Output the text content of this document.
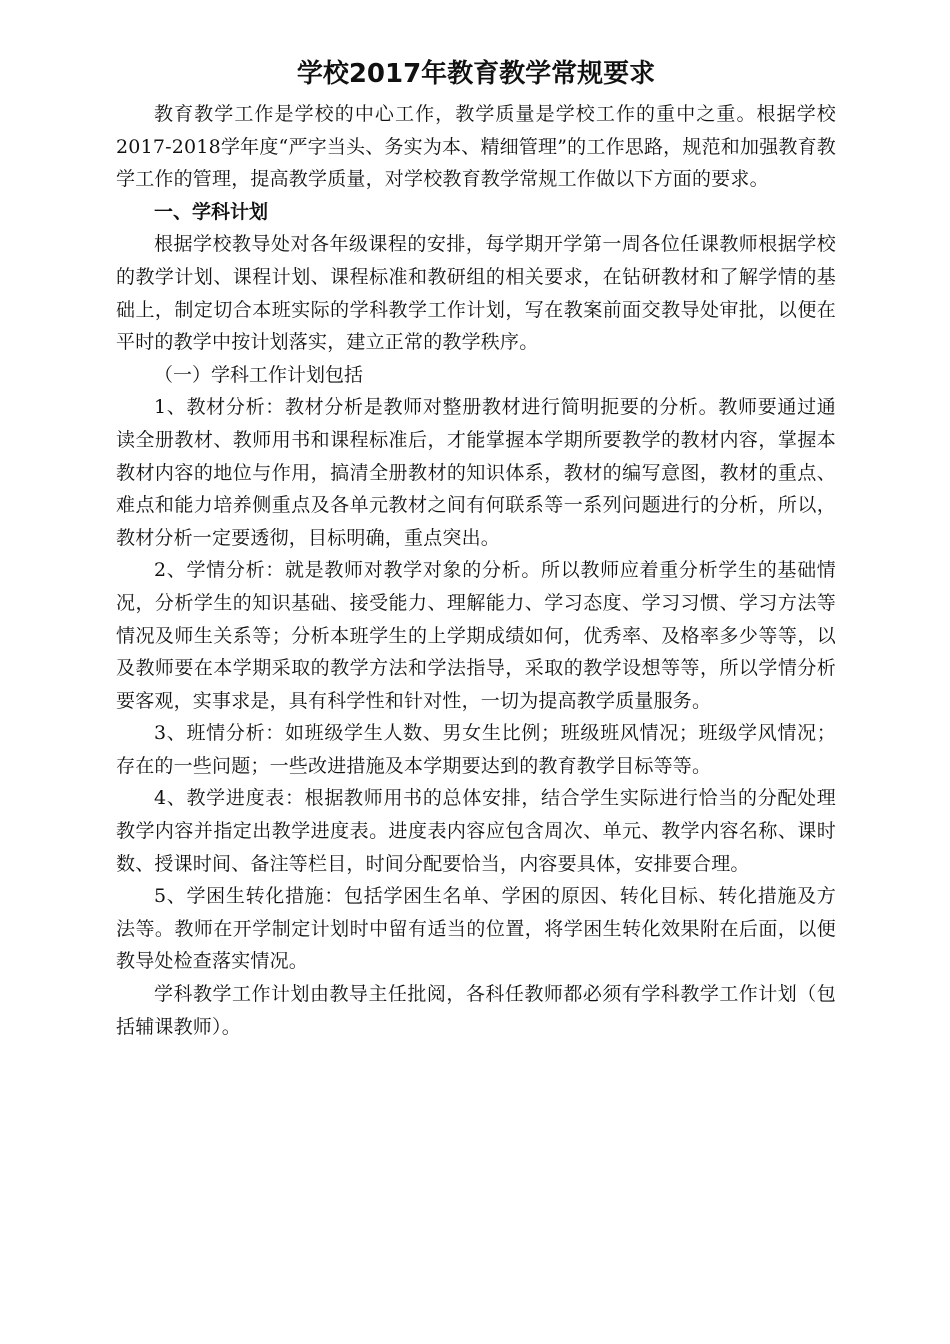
学校2017年教育教学常规要求

教育教学工作是学校的中心工作，教学质量是学校工作的重中之重。根据学校2017-2018学年度“严字当头、务实为本、精细管理”的工作思路，规范和加强教育教学工作的管理，提高教学质量，对学校教育教学常规工作做以下方面的要求。

一、学科计划

根据学校教导处对各年级课程的安排，每学期开学第一周各位任课教师根据学校的教学计划、课程计划、课程标准和教研组的相关要求，在钻研教材和了解学情的基础上，制定切合本班实际的学科教学工作计划，写在教案前面交教导处审批，以便在平时的教学中按计划落实，建立正常的教学秩序。

（一）学科工作计划包括

1、教材分析：教材分析是教师对整册教材进行简明扼要的分析。教师要通过通读全册教材、教师用书和课程标准后，才能掌握本学期所要教学的教材内容，掌握本教材内容的地位与作用，搞清全册教材的知识体系，教材的编写意图，教材的重点、难点和能力培养侧重点及各单元教材之间有何联系等一系列问题进行的分析，所以，教材分析一定要透彻，目标明确，重点突出。

2、学情分析：就是教师对教学对象的分析。所以教师应着重分析学生的基础情况，分析学生的知识基础、接受能力、理解能力、学习态度、学习习惯、学习方法等情况及师生关系等；分析本班学生的上学期成绩如何，优秀率、及格率多少等等，以及教师要在本学期采取的教学方法和学法指导，采取的教学设想等等，所以学情分析要客观，实事求是，具有科学性和针对性，一切为提高教学质量服务。

3、班情分析：如班级学生人数、男女生比例；班级班风情况；班级学风情况；存在的一些问题；一些改进措施及本学期要达到的教育教学目标等等。

4、教学进度表：根据教师用书的总体安排，结合学生实际进行恰当的分配处理教学内容并指定出教学进度表。进度表内容应包含周次、单元、教学内容名称、课时数、授课时间、备注等栏目，时间分配要恰当，内容要具体，安排要合理。

5、学困生转化措施：包括学困生名单、学困的原因、转化目标、转化措施及方法等。教师在开学制定计划时中留有适当的位置，将学困生转化效果附在后面，以便教导处检查落实情况。

学科教学工作计划由教导主任批阅，各科任教师都必须有学科教学工作计划（包括辅课教师）。
